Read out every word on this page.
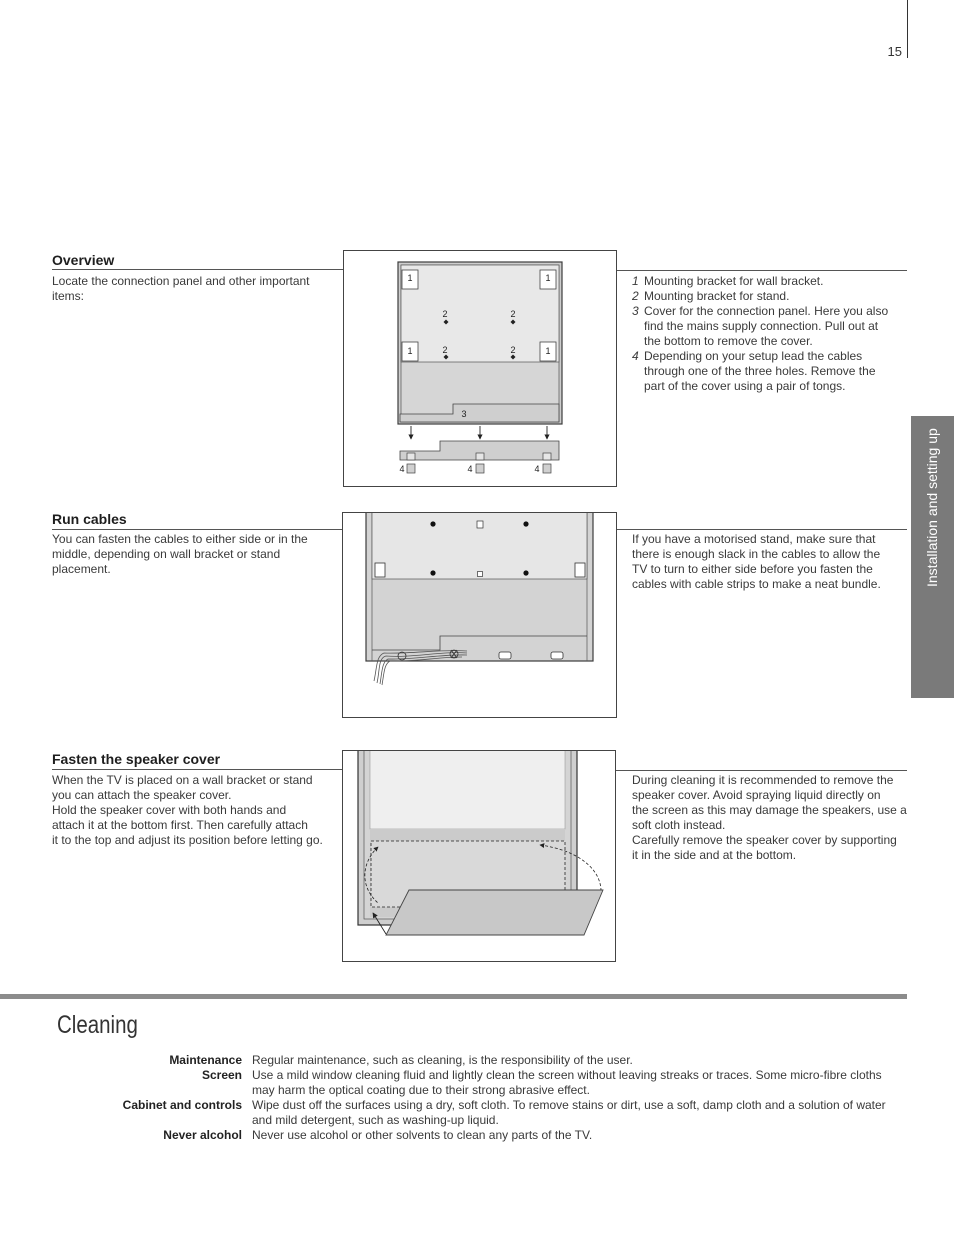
15
Installation and setting up
Overview
Locate the connection panel and other important
items:
1	1
1	1
2	2
2	2
3
4	4	4
1 Mounting bracket for wall bracket.
2 Mounting bracket for stand.
3 Cover for the connection panel. Here you also
find the mains supply connection. Pull out at
the bottom to remove the cover.
4 Depending on your setup lead the cables
through one of the three holes. Remove the
part of the cover using a pair of tongs.
Run cables
You can fasten the cables to either side or in the
middle, depending on wall bracket or stand
placement.
If you have a motorised stand, make sure that
there is enough slack in the cables to allow the
TV to turn to either side before you fasten the
cables with cable strips to make a neat bundle.
Fasten the speaker cover
When the TV is placed on a wall bracket or stand
you can attach the speaker cover.
Hold the speaker cover with both hands and
attach it at the bottom first. Then carefully attach
it to the top and adjust its position before letting go.
During cleaning it is recommended to remove the
speaker cover. Avoid spraying liquid directly on
the screen as this may damage the speakers, use a
soft cloth instead.
Carefully remove the speaker cover by supporting
it in the side and at the bottom.
Cleaning
Maintenance Regular maintenance, such as cleaning, is the responsibility of the user.
Screen Use a mild window cleaning fluid and lightly clean the screen without leaving streaks or traces. Some micro-fibre cloths
may harm the optical coating due to their strong abrasive effect.
Cabinet and controls Wipe dust off the surfaces using a dry, soft cloth. To remove stains or dirt, use a soft, damp cloth and a solution of water
and mild detergent, such as washing-up liquid.
Never alcohol Never use alcohol or other solvents to clean any parts of the TV.
